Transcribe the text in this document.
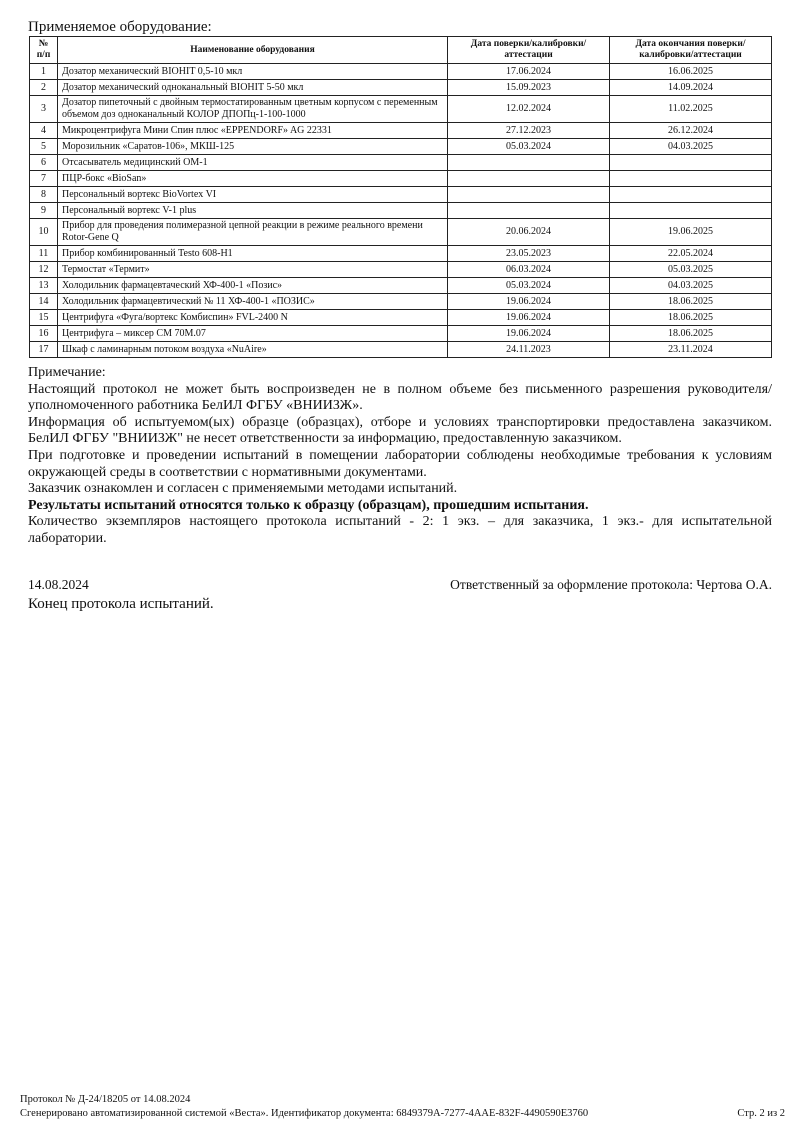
Применяемое оборудование:
№ п/п	Наименование оборудования	Дата поверки/калибровки/аттестации	Дата окончания поверки/калибровки/аттестации
1	Дозатор механический BIOHIT 0,5-10 мкл	17.06.2024	16.06.2025
2	Дозатор механический одноканальный BIOHIT 5-50 мкл	15.09.2023	14.09.2024
3	Дозатор пипеточный с двойным термостатированным цветным корпусом с переменным объемом доз одноканальный КОЛОР ДПОПц-1-100-1000	12.02.2024	11.02.2025
4	Микроцентрифуга Мини Спин плюс «EPPENDORF» AG 22331	27.12.2023	26.12.2024
5	Морозильник «Саратов-106», МКШ-125	05.03.2024	04.03.2025
6	Отсасыватель медицинский ОМ-1		
7	ПЦР-бокс «BioSan»		
8	Персональный вортекс BioVortex VI		
9	Персональный вортекс V-1 plus		
10	Прибор для проведения полимеразной цепной реакции в режиме реального времени Rotor-Gene Q	20.06.2024	19.06.2025
11	Прибор комбинированный Testo 608-H1	23.05.2023	22.05.2024
12	Термостат «Термит»	06.03.2024	05.03.2025
13	Холодильник фармацевтаческий ХФ-400-1 «Позис»	05.03.2024	04.03.2025
14	Холодильник фармацевтический № 11 ХФ-400-1 «ПОЗИС»	19.06.2024	18.06.2025
15	Центрифуга «Фуга/вортекс Комбиспин» FVL-2400 N	19.06.2024	18.06.2025
16	Центрифуга – миксер СМ 70М.07	19.06.2024	18.06.2025
17	Шкаф с ламинарным потоком воздуха «NuAire»	24.11.2023	23.11.2024

Примечание:

Настоящий протокол не может быть воспроизведен не в полном объеме без письменного разрешения руководителя/уполномоченного работника БелИЛ ФГБУ «ВНИИЗЖ».

Информация об испытуемом(ых) образце (образцах), отборе и условиях транспортировки предоставлена заказчиком. БелИЛ ФГБУ "ВНИИЗЖ" не несет ответственности за информацию, предоставленную заказчиком.

При подготовке и проведении испытаний в помещении лаборатории соблюдены необходимые требования к условиям окружающей среды в соответствии с нормативными документами.

Заказчик ознакомлен и согласен с применяемыми методами испытаний.

Результаты испытаний относятся только к образцу (образцам), прошедшим испытания.

Количество экземпляров настоящего протокола испытаний - 2: 1 экз. – для заказчика, 1 экз.- для испытательной лаборатории.

14.08.2024	Ответственный за оформление протокола: Чертова О.А.
Конец протокола испытаний.
Протокол № Д-24/18205 от 14.08.2024
Сгенерировано автоматизированной системой «Веста». Идентификатор документа: 6849379A-7277-4AAE-832F-4490590E3760	Стр. 2 из 2
